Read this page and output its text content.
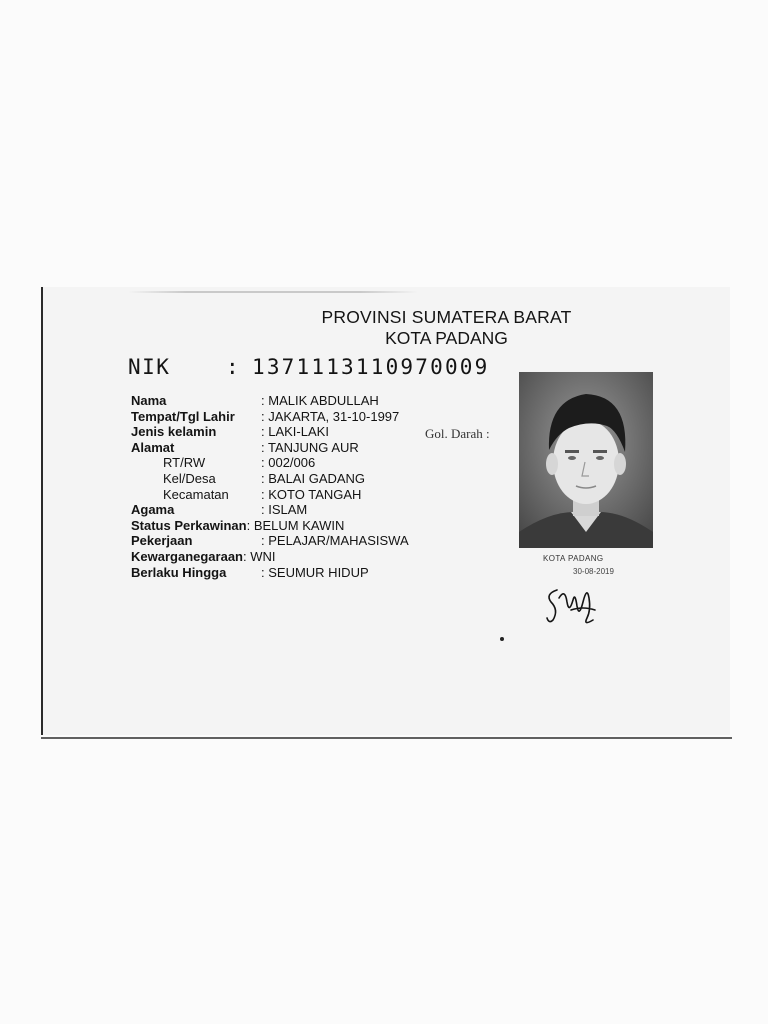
PROVINSI SUMATERA BARAT
KOTA PADANG
NIK	: 1371113110970009
Nama	: MALIK ABDULLAH
Tempat/Tgl Lahir	: JAKARTA, 31-10-1997
Jenis kelamin	: LAKI-LAKI
Alamat	: TANJUNG AUR
RT/RW	: 002/006
Kel/Desa	: BALAI GADANG
Kecamatan	: KOTO TANGAH
Agama	: ISLAM
Status Perkawinan : BELUM KAWIN
Pekerjaan	: PELAJAR/MAHASISWA
Kewarganegaraan : WNI
Berlaku Hingga	: SEUMUR HIDUP
Gol. Darah :
KOTA PADANG
30-08-2019
